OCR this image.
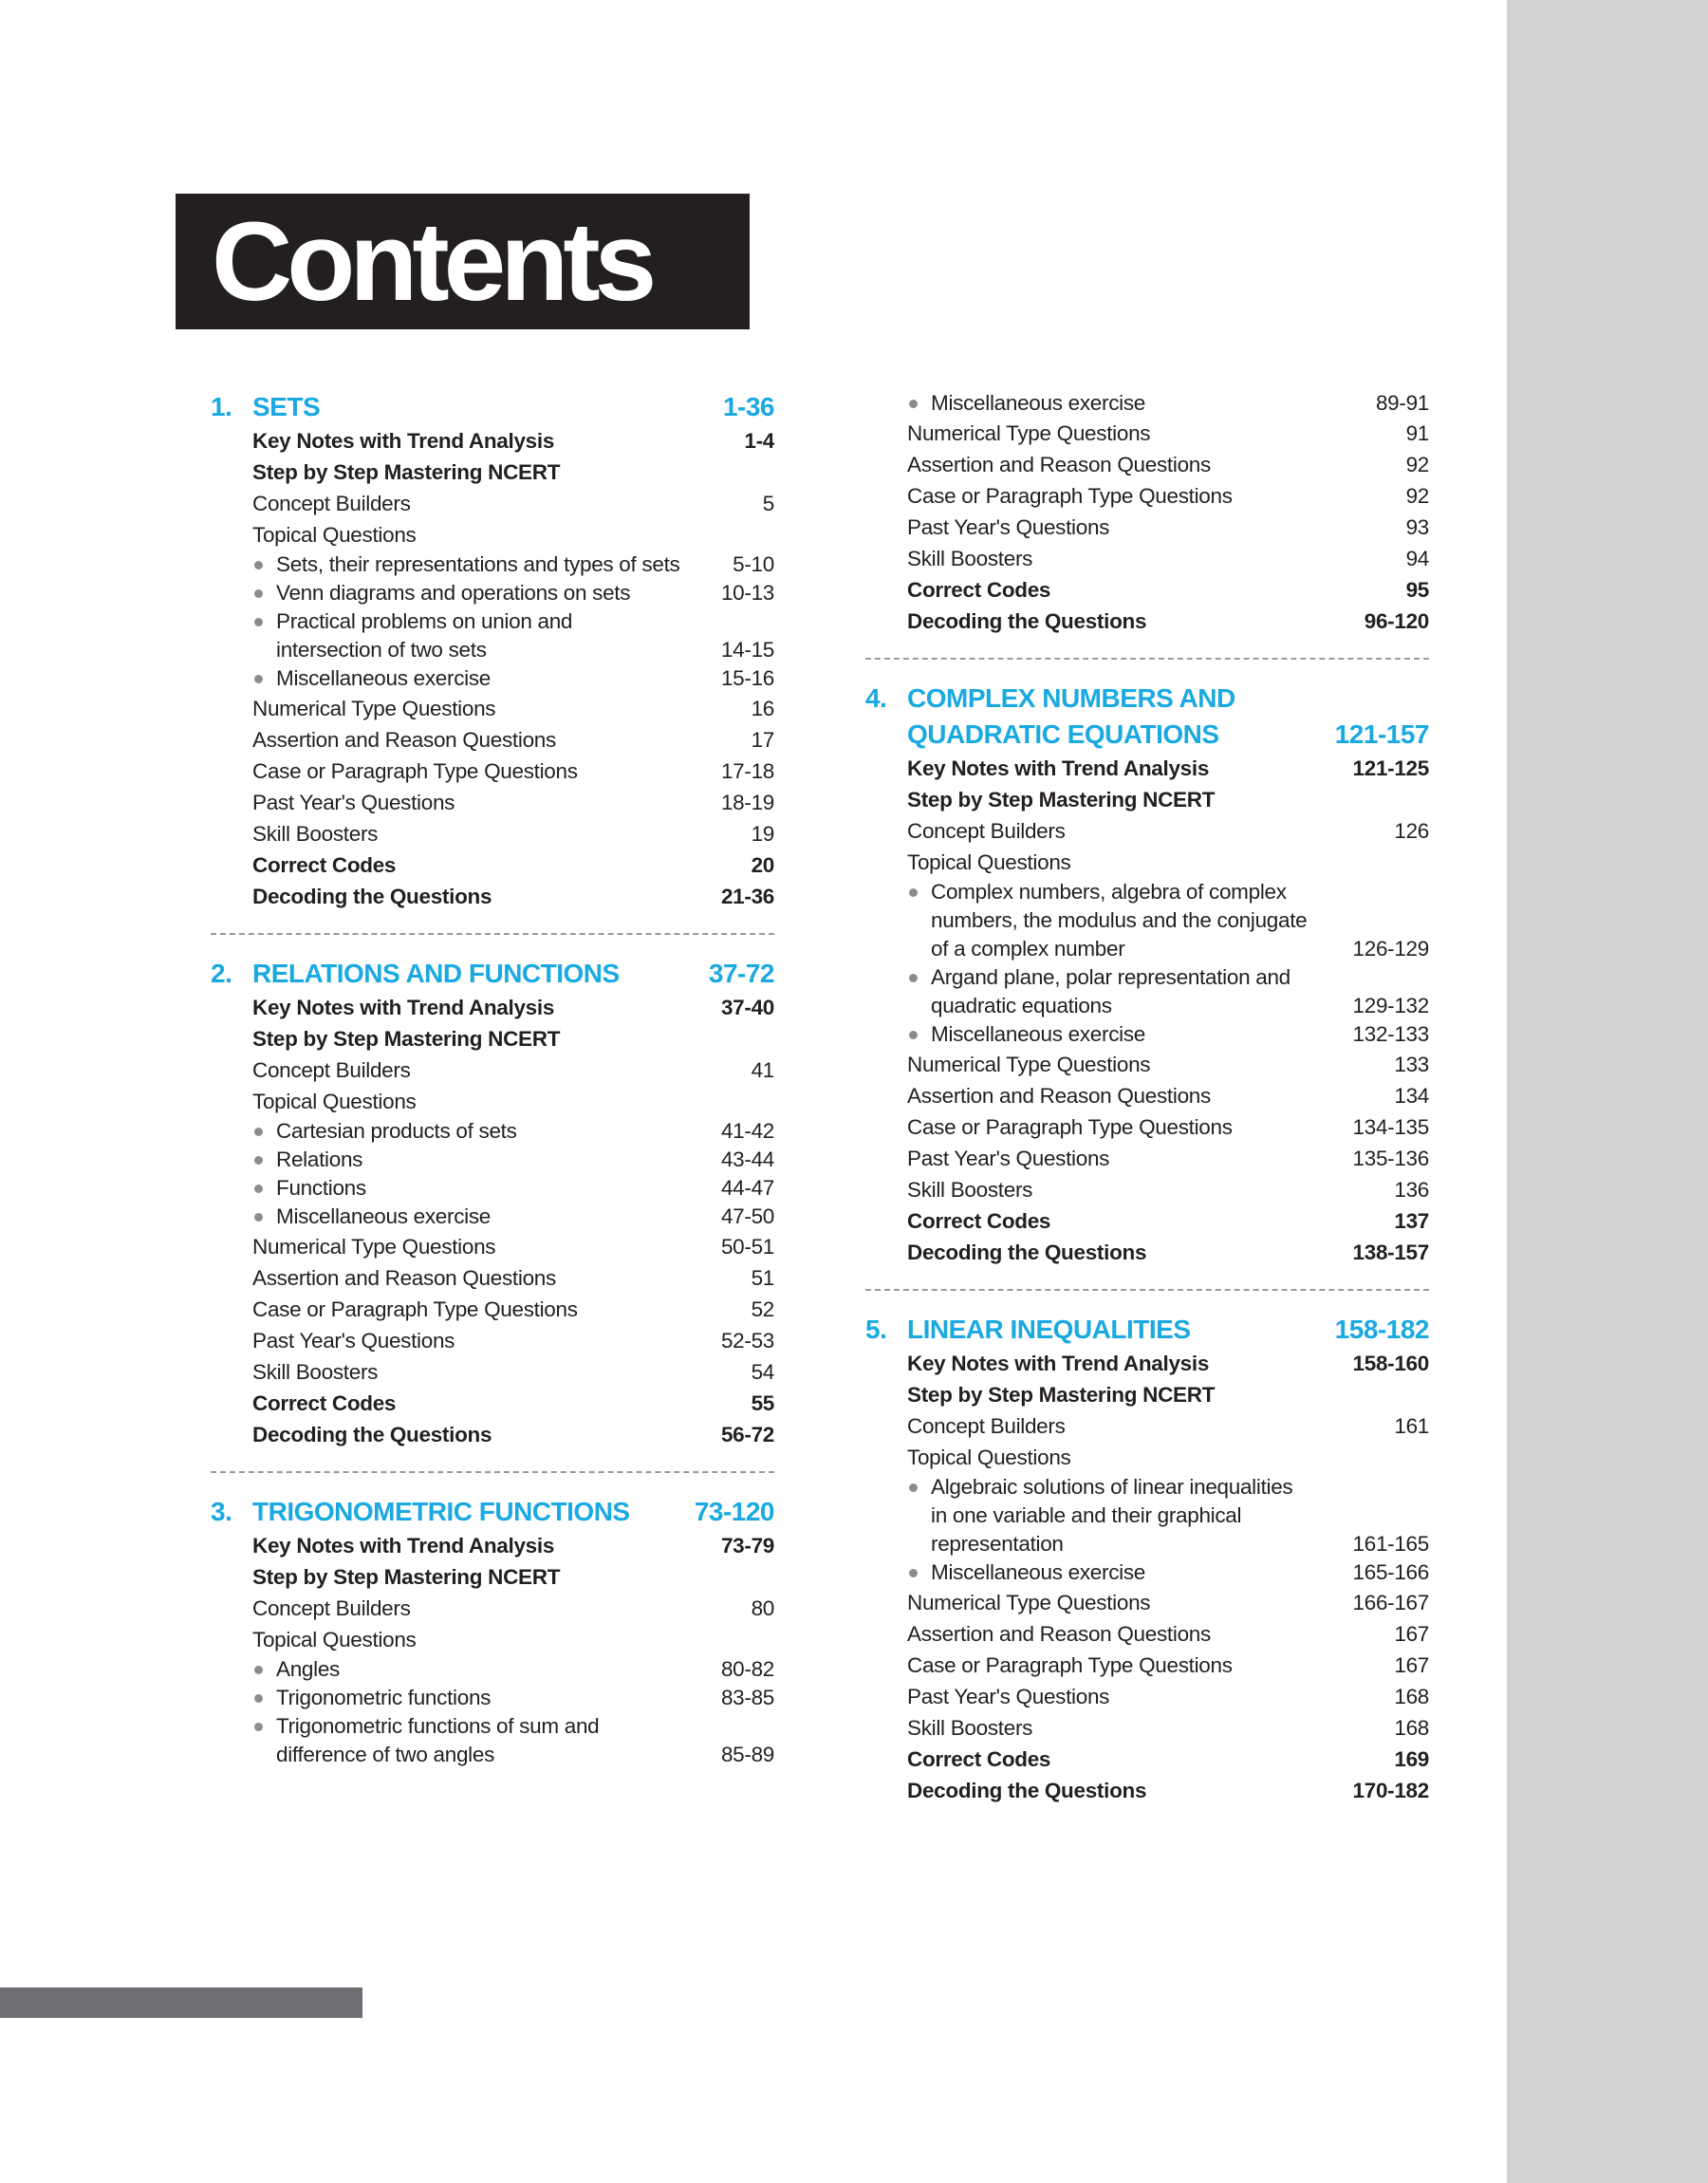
Contents
1. SETS	1-36
Key Notes with Trend Analysis	1-4
Step by Step Mastering NCERT
Concept Builders	5
Topical Questions
Sets, their representations and types of sets 5-10
Venn diagrams and operations on sets	10-13
Practical problems on union and
intersection of two sets	14-15
Miscellaneous exercise	15-16
Numerical Type Questions	16
Assertion and Reason Questions	17
Case or Paragraph Type Questions	17-18
Past Year's Questions	18-19
Skill Boosters	19
Correct Codes	20
Decoding the Questions	21-36
2. RELATIONS AND FUNCTIONS	37-72
Key Notes with Trend Analysis	37-40
Step by Step Mastering NCERT
Concept Builders	41
Topical Questions
Cartesian products of sets	41-42
Relations	43-44
Functions	44-47
Miscellaneous exercise	47-50
Numerical Type Questions	50-51
Assertion and Reason Questions	51
Case or Paragraph Type Questions	52
Past Year's Questions	52-53
Skill Boosters	54
Correct Codes	55
Decoding the Questions	56-72
3. TRIGONOMETRIC FUNCTIONS 73-120
Key Notes with Trend Analysis	73-79
Step by Step Mastering NCERT
Concept Builders	80
Topical Questions
Angles	80-82
Trigonometric functions	83-85
Trigonometric functions of sum and
difference of two angles	85-89
Miscellaneous exercise	89-91
Numerical Type Questions	91
Assertion and Reason Questions	92
Case or Paragraph Type Questions	92
Past Year's Questions	93
Skill Boosters	94
Correct Codes	95
Decoding the Questions	96-120
4. COMPLEX NUMBERS AND
QUADRATIC EQUATIONS	121-157
Key Notes with Trend Analysis	121-125
Step by Step Mastering NCERT
Concept Builders	126
Topical Questions
Complex numbers, algebra of complex
numbers, the modulus and the conjugate
of a complex number	126-129
Argand plane, polar representation and
quadratic equations	129-132
Miscellaneous exercise	132-133
Numerical Type Questions	133
Assertion and Reason Questions	134
Case or Paragraph Type Questions	134-135
Past Year's Questions	135-136
Skill Boosters	136
Correct Codes	137
Decoding the Questions	138-157
5. LINEAR INEQUALITIES	158-182
Key Notes with Trend Analysis	158-160
Step by Step Mastering NCERT
Concept Builders	161
Topical Questions
Algebraic solutions of linear inequalities
in one variable and their graphical
representation	161-165
Miscellaneous exercise	165-166
Numerical Type Questions	166-167
Assertion and Reason Questions	167
Case or Paragraph Type Questions	167
Past Year's Questions	168
Skill Boosters	168
Correct Codes	169
Decoding the Questions	170-182
